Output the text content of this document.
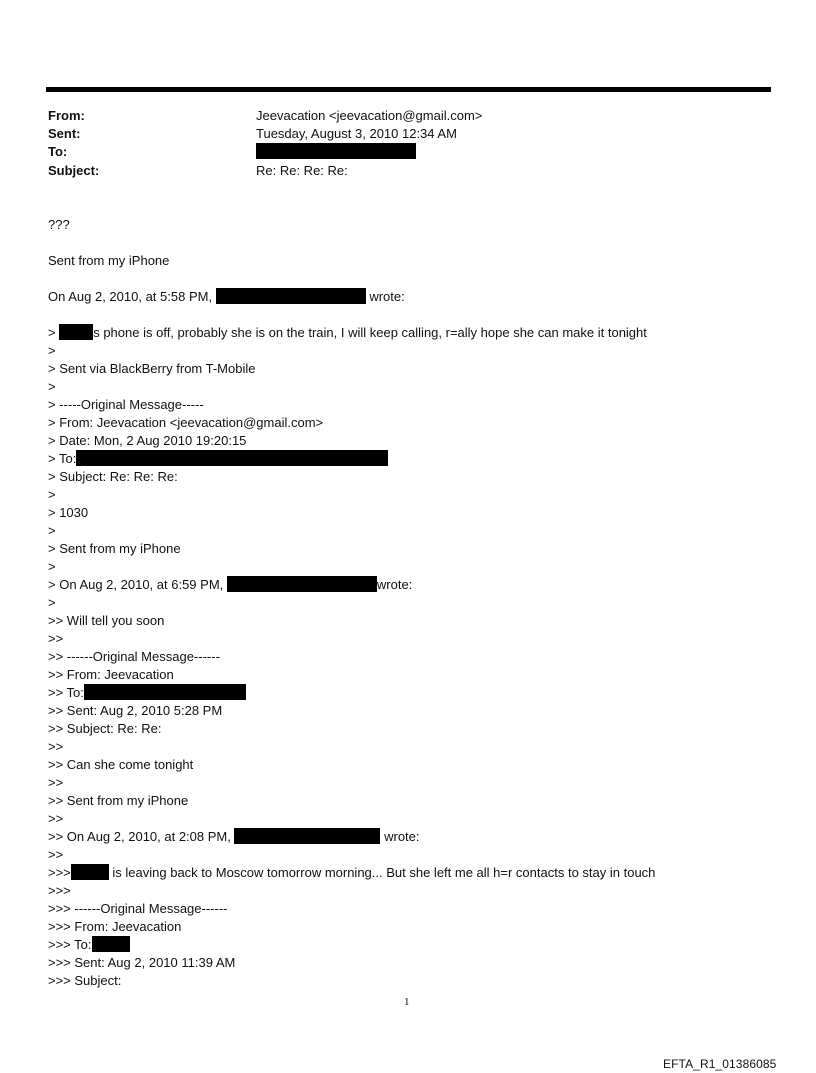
From:	Jeevacation <jeevacation@gmail.com>
Sent:	Tuesday, August 3, 2010 12:34 AM
To:
Subject:	Re: Re: Re: Re:
???
Sent from my iPhone
On Aug 2, 2010, at 5:58 PM,	wrote:
>	s phone is off, probably she is on the train, I will keep calling, r=ally hope she can make it tonight
>
> Sent via BlackBerry from T-Mobile
>
> -----Original Message-----
> From: Jeevacation <jeevacation@gmail.com>
> Date: Mon, 2 Aug 2010 19:20:15
> To:
> Subject: Re: Re: Re:
>
> 1030
>
> Sent from my iPhone
>
> On Aug 2, 2010, at 6:59 PM,	wrote:
>
>> Will tell you soon
>>
>> ------Original Message------
>> From: Jeevacation
>> To:
>> Sent: Aug 2, 2010 5:28 PM
>> Subject: Re: Re:
>>
>> Can she come tonight
>>
>> Sent from my iPhone
>>
>> On Aug 2, 2010, at 2:08 PM,	wrote:
>>
>>>	is leaving back to Moscow tomorrow morning... But she left me all h=r contacts to stay in touch
>>>
>>> ------Original Message------
>>> From: Jeevacation
>>> To:
>>> Sent: Aug 2, 2010 11:39 AM
>>> Subject:
1
EFTA_R1_01386085
